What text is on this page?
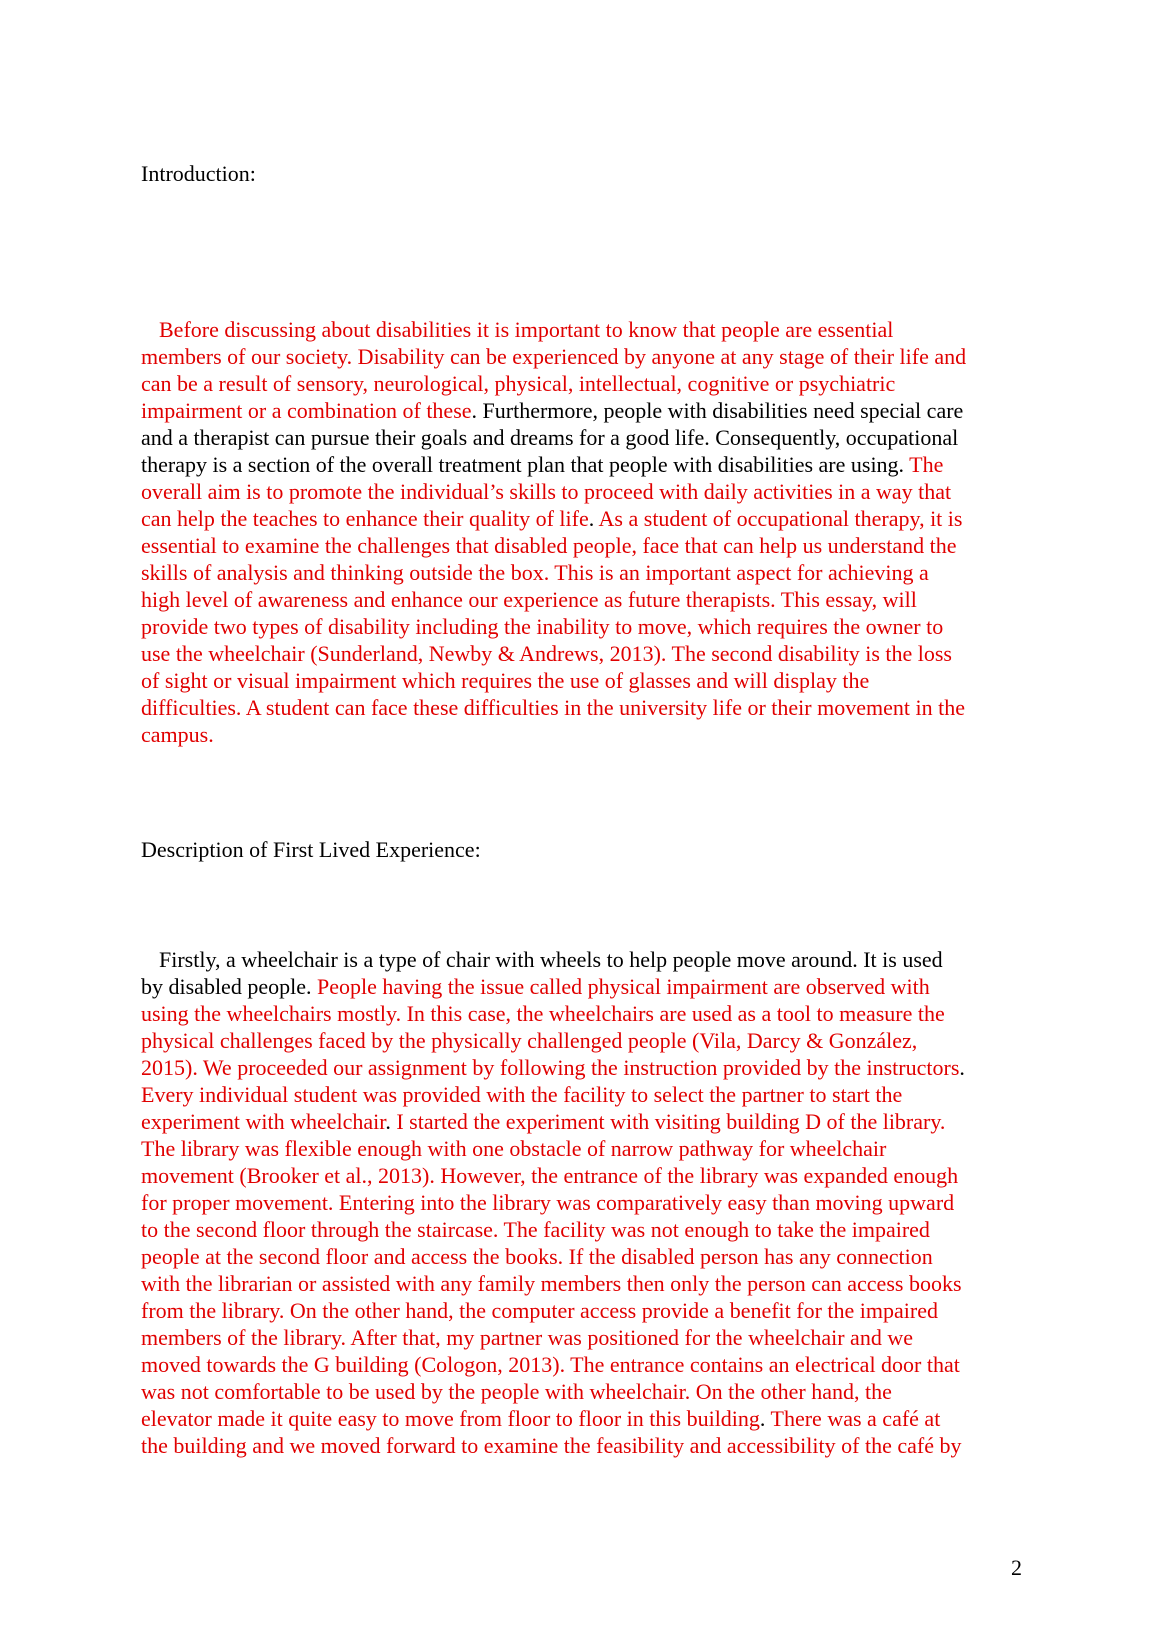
Introduction:

Before discussing about disabilities it is important to know that people are essential
members of our society. Disability can be experienced by anyone at any stage of their life and
can be a result of sensory, neurological, physical, intellectual, cognitive or psychiatric
impairment or a combination of these. Furthermore, people with disabilities need special care
and a therapist can pursue their goals and dreams for a good life. Consequently, occupational
therapy is a section of the overall treatment plan that people with disabilities are using. The
overall aim is to promote the individual’s skills to proceed with daily activities in a way that
can help the teaches to enhance their quality of life. As a student of occupational therapy, it is
essential to examine the challenges that disabled people, face that can help us understand the
skills of analysis and thinking outside the box. This is an important aspect for achieving a
high level of awareness and enhance our experience as future therapists. This essay, will
provide two types of disability including the inability to move, which requires the owner to
use the wheelchair (Sunderland, Newby & Andrews, 2013). The second disability is the loss
of sight or visual impairment which requires the use of glasses and will display the
difficulties. A student can face these difficulties in the university life or their movement in the
campus.

Description of First Lived Experience:

Firstly, a wheelchair is a type of chair with wheels to help people move around. It is used
by disabled people. People having the issue called physical impairment are observed with
using the wheelchairs mostly. In this case, the wheelchairs are used as a tool to measure the
physical challenges faced by the physically challenged people (Vila, Darcy & González,
2015). We proceeded our assignment by following the instruction provided by the instructors.
Every individual student was provided with the facility to select the partner to start the
experiment with wheelchair. I started the experiment with visiting building D of the library.
The library was flexible enough with one obstacle of narrow pathway for wheelchair
movement (Brooker et al., 2013). However, the entrance of the library was expanded enough
for proper movement. Entering into the library was comparatively easy than moving upward
to the second floor through the staircase. The facility was not enough to take the impaired
people at the second floor and access the books. If the disabled person has any connection
with the librarian or assisted with any family members then only the person can access books
from the library. On the other hand, the computer access provide a benefit for the impaired
members of the library. After that, my partner was positioned for the wheelchair and we
moved towards the G building (Cologon, 2013). The entrance contains an electrical door that
was not comfortable to be used by the people with wheelchair. On the other hand, the
elevator made it quite easy to move from floor to floor in this building. There was a café at
the building and we moved forward to examine the feasibility and accessibility of the café by

2
